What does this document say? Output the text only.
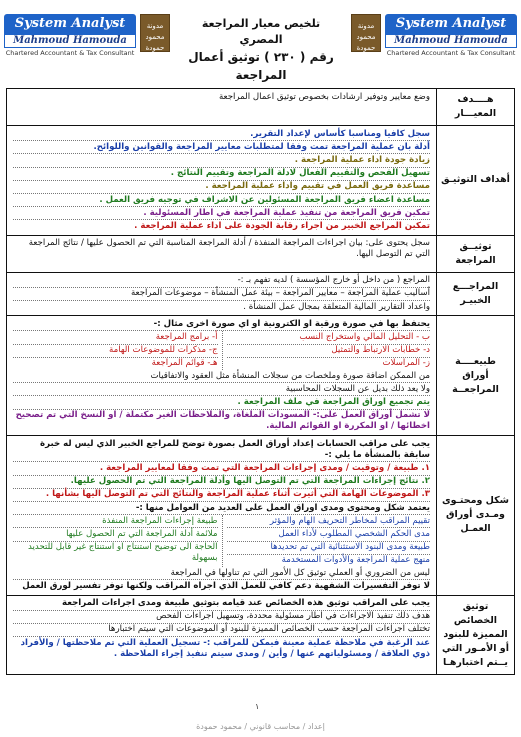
System Analyst
Mahmoud Hamouda
Chartered Accountant & Tax Consultant
مدونة محمود حمودة
تلخيص معيار المراجعة المصري
رقم ( ٢٣٠ ) توثيق أعمال المراجعة
مدونة محمود حمودة
System Analyst
Mahmoud Hamouda
Chartered Accountant & Tax Consultant
هــــدف المعيـــار

وضع معايير وتوفير ارشادات بخصوص توثيق اعمال المراجعة

أهداف التوثيـق

سجل كافيا ومناسبا كأساس لإعداد التقرير.

أدلة بان عملية المراجعة تمت وفقا لمتطلبات معايير المراجعة والقوانين واللوائح.

زيادة جودة اداء عملية المراجعة .

تسهيل الفحص والتقييم الفعال لادلة المراجعة وتقييم النتائج .

مساعدة فريق العمل في تقييم واداء عملية المراجعة .

مساعدة اعضاء فريق المراجعة المسئولين عن الاشراف في توجيه فريق العمل .

تمكين فريق المراجعة من تنفيذ عملية المراجعة في اطار المسئولية .

تمكين المراجع الخبير من اجراء رقابة الجودة على اداء عملية المراجعة .

توثيــق المراجعة

سجل يحتوى على: بيان اجراءات المراجعة المنفذة / أدلة المراجعة المناسبة التي تم الحصول عليها / نتائج المراجعة التي تم التوصل اليها.

المراجـــع الخبيـر

المراجع ( من داخل أو خارج المؤسسة ) لديه تفهم بـ :-

أساليب عملية المراجعة – معايير المراجعة – بيئة عمل المنشأة – موضوعات المراجعة

واعداد التقارير المالية المتعلقة بمجال عمل المنشأة .

طبيعــــة أوراق المراجعــة

يحتفظ بها في صورة ورقية او الكترونية او اي صورة اخرى مثال :-

ب - التحليل المالي واستخراج النسب

د- خطابات الارتباط والتمثيل

ز- المراسلات

أ- برامج المراجعة

ج- مذكرات للموضوعات الهامة

هـ- قوائم المراجعة

من الممكن اضافة صورة وملخصات من سجلات المنشأة مثل العقود والاتفاقيات

ولا يعد ذلك بديل عن السجلات المحاسبية

يتم تجميع اوراق المراجعة في ملف المراجعة .

لا تشمل أوراق العمل على:- المسودات الملغاة، والملاحظات الغير مكتملة / او النسخ التي تم تصحيح اخطائها / او المكررة او القوائم المالية.

شكل ومحتـوى ومـدى أوراق العمـل

يجب على مراقب الحسابات إعداد أوراق العمل بصورة توضح للمراجع الخبير الذي ليس له خبرة سابقة بالمنشأة ما يلي :-

١. طبيعة / وتوقيت / ومدى إجراءات المراجعة التي تمت وفقا لمعايير المراجعة .

٢. نتائج إجراءات المراجعة التي تم التوصل اليها وأدلة المراجعة التي تم الحصول عليها.

٣. الموضوعات الهامة التي أثيرت أثناء عملية المراجعة والنتائج التي تم التوصل اليها بشأنها .

يعتمد شكل ومحتوى ومدى اوراق العمل على العديد من العوامل منها :-

تقييم المراقب لمخاطر التحريف الهام والمؤثر

مدى الحكم الشخصي المطلوب لأداء العمل

طبيعة ومدى البنود الاستثنائية التي تم تحديدها

منهج عملية المراجعة والأدوات المستخدمة

طبيعة إجراءات المراجعة المنفذة

ملائمة أدلة المراجعة التي تم الحصول عليها

الحاجة الى توضيح استنتاج او استنتاج غير قابل للتحديد بسهولة

ليس من الضروري أو العملي توثيق كل الأمور التي تم تناولها في المراجعة

لا توفر التفسيرات الشفهية دعم كافي للعمل الذي اجراه المراقب ولكنها توفر تفسير لورق العمل

توثيق الخصائص المميزة للبنود أو الأمـور التي يــتم اختبارهـا

يجب على المراقب توثيق هذه الخصائص عند قيامه بتوثيق طبيعة ومدى اجراءات المراجعة

هدف ذلك تنفيذ الاجراءات في اطار مسئولية محددة، وتسهيل اجراءات الفحص

تختلف اجراءات المراجعة حسب الخصائص المميزة للبنود أو الموضوعات التي سيتم اختبارها

عند الرغبة في ملاحظة عملية معينة فيمكن للمراقب :- تسجيل العملية التي تم ملاحظتها / والأفراد ذوي العلاقة / ومسئولياتهم عنها / وأين / ومدى سيتم تنفيذ إجراء الملاحظة .

١
إعداد / محاسب قانوني / محمود حمودة
